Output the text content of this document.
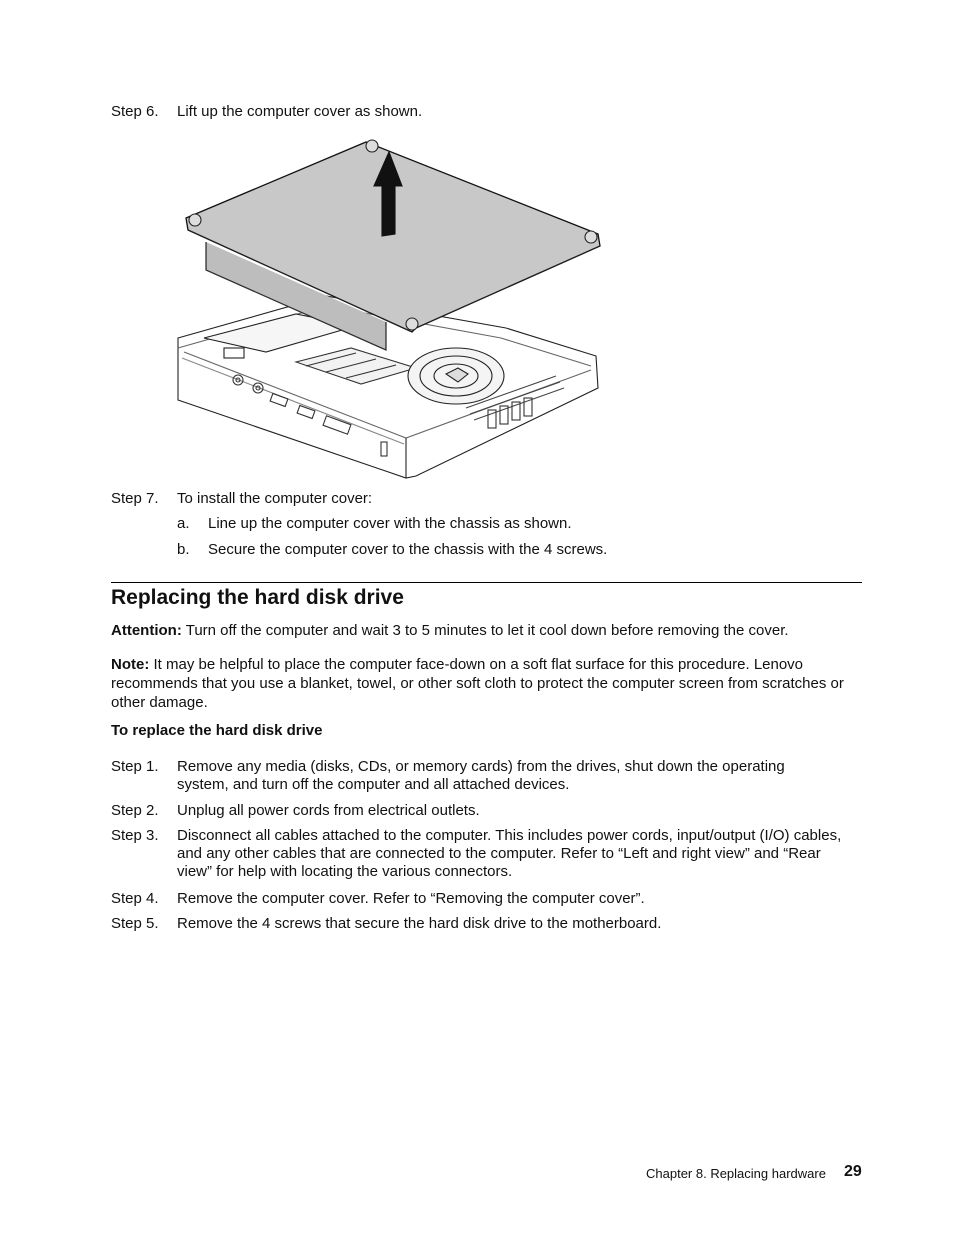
Step 6. Lift up the computer cover as shown.
Step 7. To install the computer cover:
a. Line up the computer cover with the chassis as shown.
b. Secure the computer cover to the chassis with the 4 screws.
Replacing the hard disk drive
Attention: Turn off the computer and wait 3 to 5 minutes to let it cool down before removing the cover.
Note: It may be helpful to place the computer face-down on a soft flat surface for this procedure. Lenovo recommends that you use a blanket, towel, or other soft cloth to protect the computer screen from scratches or other damage.
To replace the hard disk drive
Step 1. Remove any media (disks, CDs, or memory cards) from the drives, shut down the operating system, and turn off the computer and all attached devices.
Step 2. Unplug all power cords from electrical outlets.
Step 3. Disconnect all cables attached to the computer. This includes power cords, input/output (I/O) cables, and any other cables that are connected to the computer. Refer to “Left and right view” and “Rear view” for help with locating the various connectors.
Step 4. Remove the computer cover. Refer to “Removing the computer cover”.
Step 5. Remove the 4 screws that secure the hard disk drive to the motherboard.
Chapter 8. Replacing hardware 29
